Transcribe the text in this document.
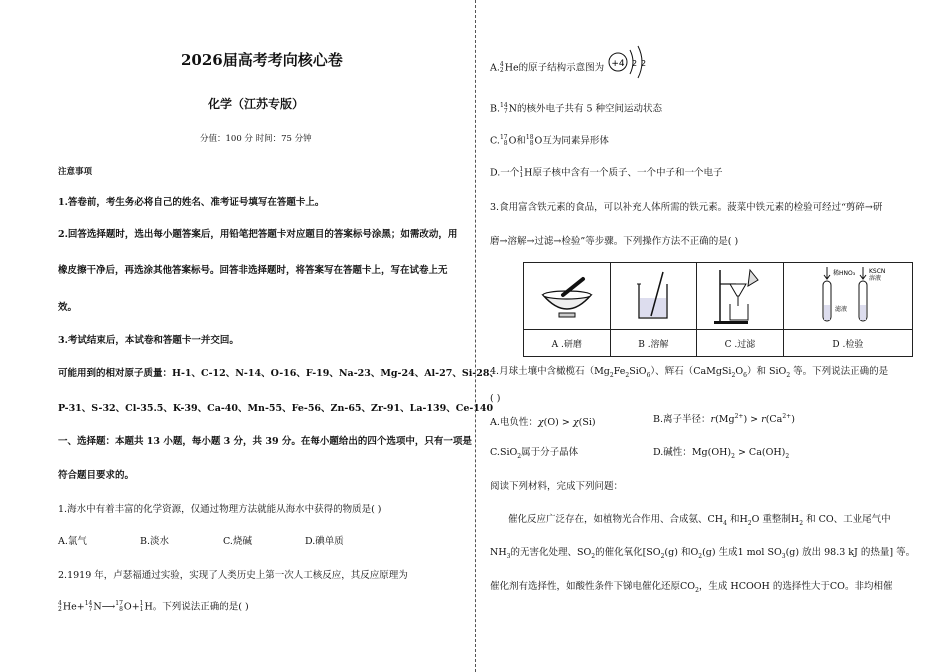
2026届高考考向核心卷
化学（江苏专版）
分值：100 分 时间：75 分钟
注意事项
1.答卷前，考生务必将自己的姓名、准考证号填写在答题卡上。
2.回答选择题时，选出每小题答案后，用铅笔把答题卡对应题目的答案标号涂黑；如需改动，用
橡皮擦干净后，再选涂其他答案标号。回答非选择题时，将答案写在答题卡上，写在试卷上无
效。
3.考试结束后，本试卷和答题卡一并交回。
可能用到的相对原子质量：H-1、C-12、N-14、O-16、F-19、Na-23、Mg-24、Al-27、Si-28、
P-31、S-32、Cl-35.5、K-39、Ca-40、Mn-55、Fe-56、Zn-65、Zr-91、La-139、Ce-140
一、选择题：本题共 13 小题，每小题 3 分，共 39 分。在每小题给出的四个选项中，只有一项是
符合题目要求的。
1.海水中有着丰富的化学资源，仅通过物理方法就能从海水中获得的物质是( )
A.氯气	B.淡水	C.烧碱	D.碘单质
2.1919 年，卢瑟福通过实验，实现了人类历史上第一次人工核反应，其反应原理为
4
2He+14
7N⟶17
8O+1
1H。下列说法正确的是( )
A.4
2He的原子结构示意图为 +4 2 2
B.14
7N的核外电子共有 5 种空间运动状态
C.17
8O和18
8O互为同素异形体
D.一个1
1H原子核中含有一个质子、一个中子和一个电子
3.食用富含铁元素的食品，可以补充人体所需的铁元素。菠菜中铁元素的检验可经过“剪碎→研
磨→溶解→过滤→检验”等步骤。下列操作方法不正确的是( )

稀HNO₃ KSCN
溶液
滤液

A .研磨	B .溶解	C .过滤	D .检验
4.月球土壤中含橄榄石$(Mg_2Fe_2SiO_6)$、辉石$(CaMgSi_2O_6)$和 SiO$_2$ 等。下列说法正确的是
( )
A.电负性：χ(O) > χ(Si)	B.离子半径：$r(Mg^{2+}) > r(Ca^{2+})$
C.SiO$_2$属于分子晶体	D.碱性：$Mg(OH)_2 > Ca(OH)_2$
阅读下列材料，完成下列问题：
催化反应广泛存在，如植物光合作用、合成氨、$CH_4$ 和$H_2O$ 重整制$H_2$ 和 CO、工业尾气中
$NH_3$的无害化处理、$SO_2$的催化氧化[$SO_2(g)$ 和$O_2(g)$ 生成1 mol $SO_3(g)$ 放出 98.3 kJ 的热量] 等。
催化剂有选择性，如酸性条件下锑电催化还原$CO_2$，生成 HCOOH 的选择性大于CO。非均相催
